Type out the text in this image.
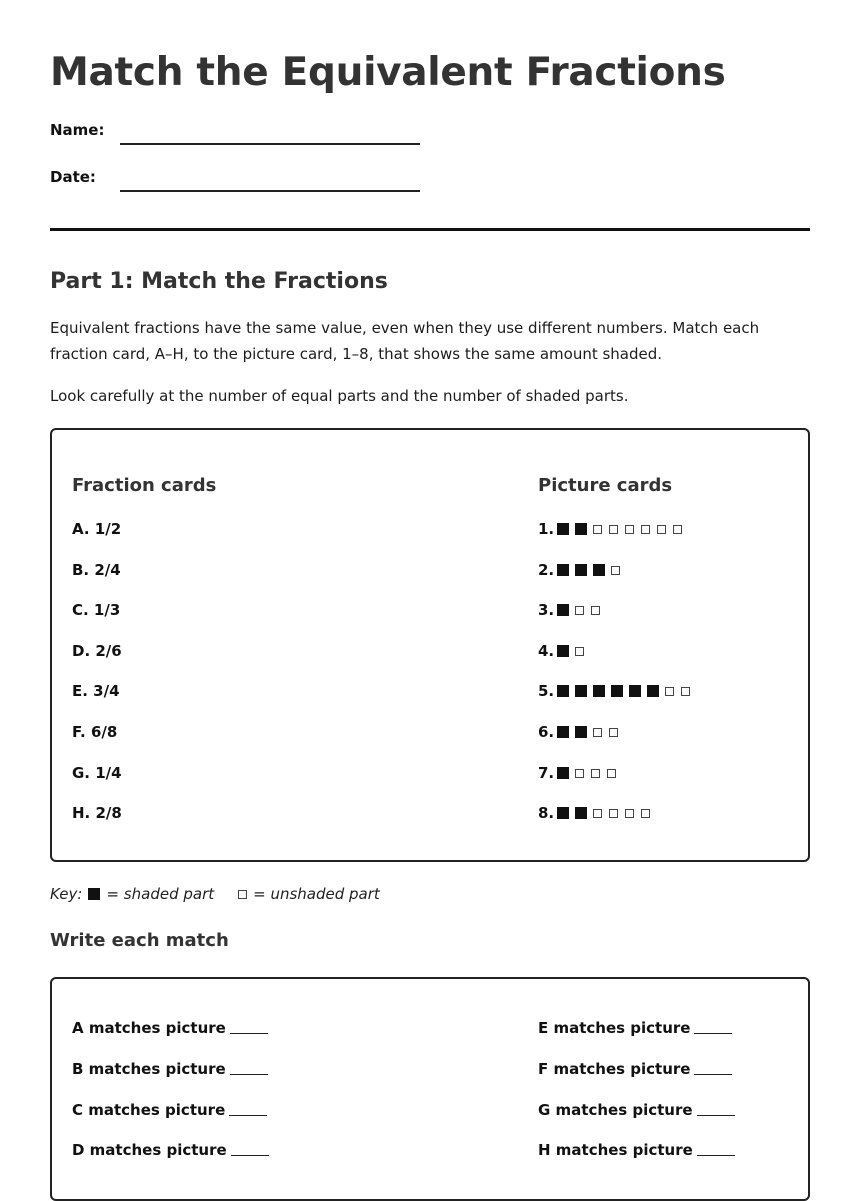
Match the Equivalent Fractions
Name:
Date:
Part 1: Match the Fractions

Equivalent fractions have the same value, even when they use different numbers. Match each fraction card, A–H, to the picture card, 1–8, that shows the same amount shaded.

Look carefully at the number of equal parts and the number of shaded parts.

Fraction cards	Picture cards
A. 1/2
B. 2/4
C. 1/3
D. 2/6
E. 3/4
F. 6/8
G. 1/4
H. 2/8
1.
2.
3.
4.
5.
6.
7.
8.
Key: = shaded part	= unshaded part
Write each match
A matches picture
B matches picture
C matches picture
D matches picture
E matches picture
F matches picture
G matches picture
H matches picture
